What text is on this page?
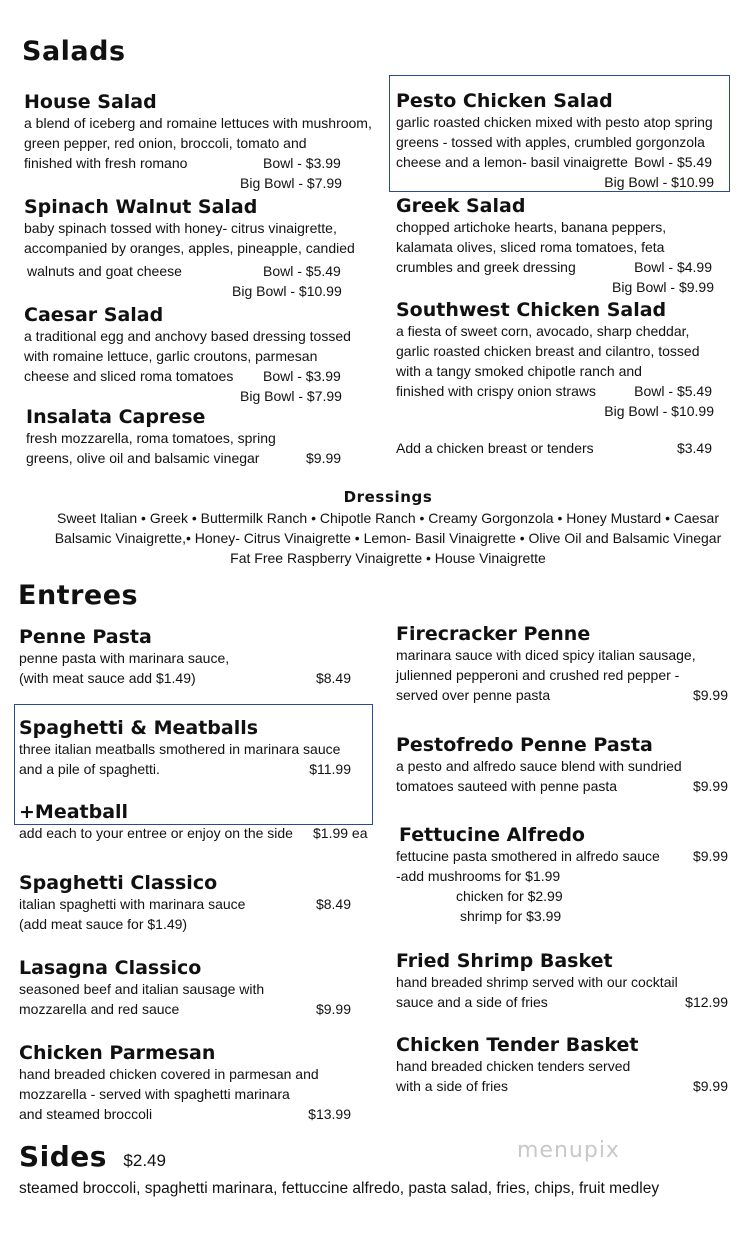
Salads
House Salad
a blend of iceberg and romaine lettuces with mushroom,
green pepper, red onion, broccoli, tomato and
finished with fresh romano	Bowl - $3.99
Big Bowl - $7.99

Spinach Walnut Salad
baby spinach tossed with honey- citrus vinaigrette,
accompanied by oranges, apples, pineapple, candied
walnuts and goat cheese	Bowl - $5.49
Big Bowl - $10.99

Caesar Salad
a traditional egg and anchovy based dressing tossed
with romaine lettuce, garlic croutons, parmesan
cheese and sliced roma tomatoes Bowl - $3.99
Big Bowl - $7.99

Insalata Caprese
fresh mozzarella, roma tomatoes, spring
greens, olive oil and balsamic vinegar	$9.99
Pesto Chicken Salad
garlic roasted chicken mixed with pesto atop spring
greens - tossed with apples, crumbled gorgonzola
cheese and a lemon- basil vinaigrette Bowl - $5.49
Big Bowl - $10.99
Greek Salad
chopped artichoke hearts, banana peppers,
kalamata olives, sliced roma tomatoes, feta
crumbles and greek dressing	Bowl - $4.99
Big Bowl - $9.99
Southwest Chicken Salad
a fiesta of sweet corn, avocado, sharp cheddar,
garlic roasted chicken breast and cilantro, tossed
with a tangy smoked chipotle ranch and
finished with crispy onion straws	Bowl - $5.49
Big Bowl - $10.99
Add a chicken breast or tenders	$3.49
Dressings
Sweet Italian • Greek • Buttermilk Ranch • Chipotle Ranch • Creamy Gorgonzola • Honey Mustard • Caesar
Balsamic Vinaigrette,• Honey- Citrus Vinaigrette • Lemon- Basil Vinaigrette • Olive Oil and Balsamic Vinegar
Fat Free Raspberry Vinaigrette • House Vinaigrette
Entrees
Penne Pasta
penne pasta with marinara sauce,
(with meat sauce add $1.49)	$8.49
Spaghetti & Meatballs
three italian meatballs smothered in marinara sauce
and a pile of spaghetti.	$11.99
+Meatball
add each to your entree or enjoy on the side $1.99 ea
Spaghetti Classico
italian spaghetti with marinara sauce	$8.49
(add meat sauce for $1.49)
Lasagna Classico
seasoned beef and italian sausage with
mozzarella and red sauce	$9.99
Chicken Parmesan
hand breaded chicken covered in parmesan and
mozzarella - served with spaghetti marinara
and steamed broccoli	$13.99
Firecracker Penne
marinara sauce with diced spicy italian sausage,
julienned pepperoni and crushed red pepper -
served over penne pasta	$9.99
Pestofredo Penne Pasta
a pesto and alfredo sauce blend with sundried
tomatoes sauteed with penne pasta	$9.99
Fettucine Alfredo
fettucine pasta smothered in alfredo sauce $9.99
-add mushrooms for $1.99
chicken for $2.99
shrimp for $3.99
Fried Shrimp Basket
hand breaded shrimp served with our cocktail
sauce and a side of fries	$12.99
Chicken Tender Basket
hand breaded chicken tenders served
with a side of fries	$9.99
menupix
Sides $2.49
steamed broccoli, spaghetti marinara, fettuccine alfredo, pasta salad, fries, chips, fruit medley
